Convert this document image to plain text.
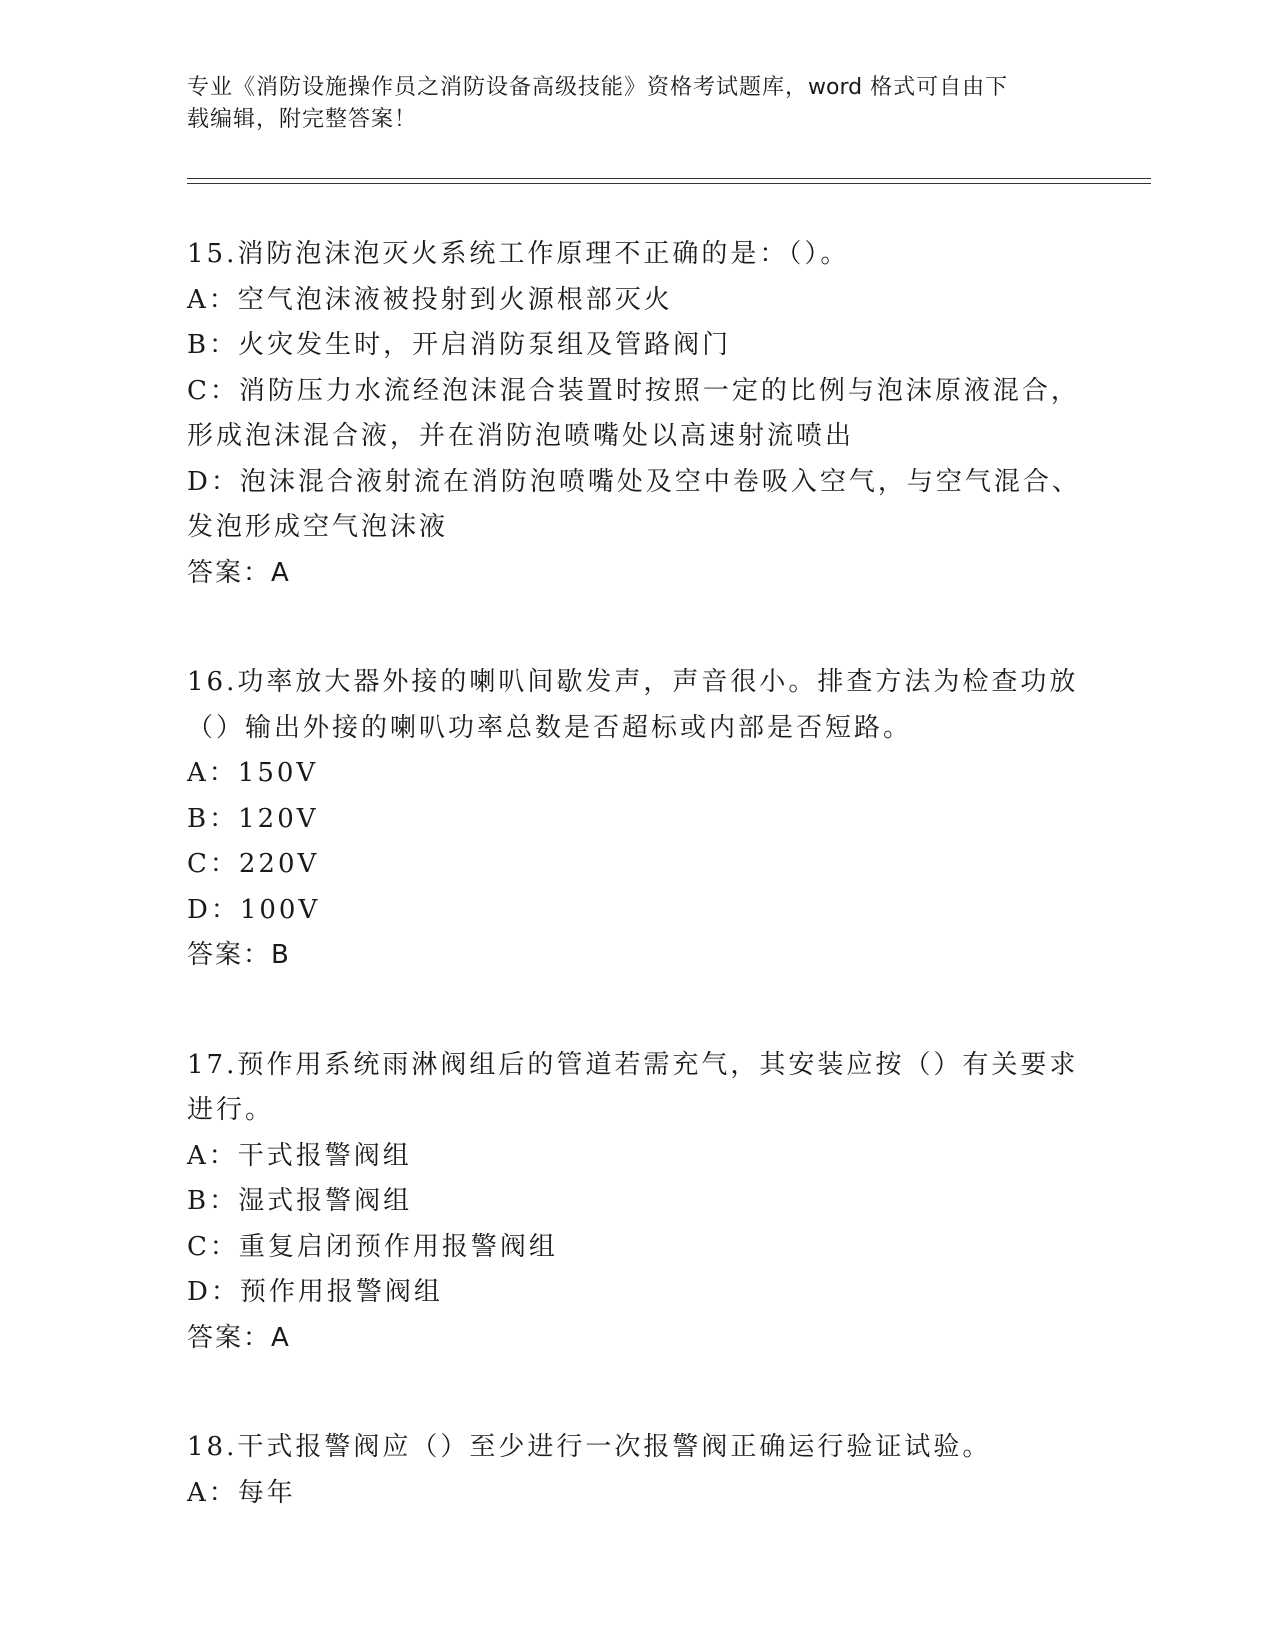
专业《消防设施操作员之消防设备高级技能》资格考试题库，word 格式可自由下
载编辑，附完整答案！

15.消防泡沫泡灭火系统工作原理不正确的是：（）。

A：空气泡沫液被投射到火源根部灭火

B：火灾发生时，开启消防泵组及管路阀门

C：消防压力水流经泡沫混合装置时按照一定的比例与泡沫原液混合，形成泡沫混合液，并在消防泡喷嘴处以高速射流喷出

D：泡沫混合液射流在消防泡喷嘴处及空中卷吸入空气，与空气混合、发泡形成空气泡沫液

答案：A

16.功率放大器外接的喇叭间歇发声，声音很小。排查方法为检查功放（）输出外接的喇叭功率总数是否超标或内部是否短路。

A：150V

B：120V

C：220V

D：100V

答案：B

17.预作用系统雨淋阀组后的管道若需充气，其安装应按（）有关要求进行。

A：干式报警阀组

B：湿式报警阀组

C：重复启闭预作用报警阀组

D：预作用报警阀组

答案：A

18.干式报警阀应（）至少进行一次报警阀正确运行验证试验。

A：每年
